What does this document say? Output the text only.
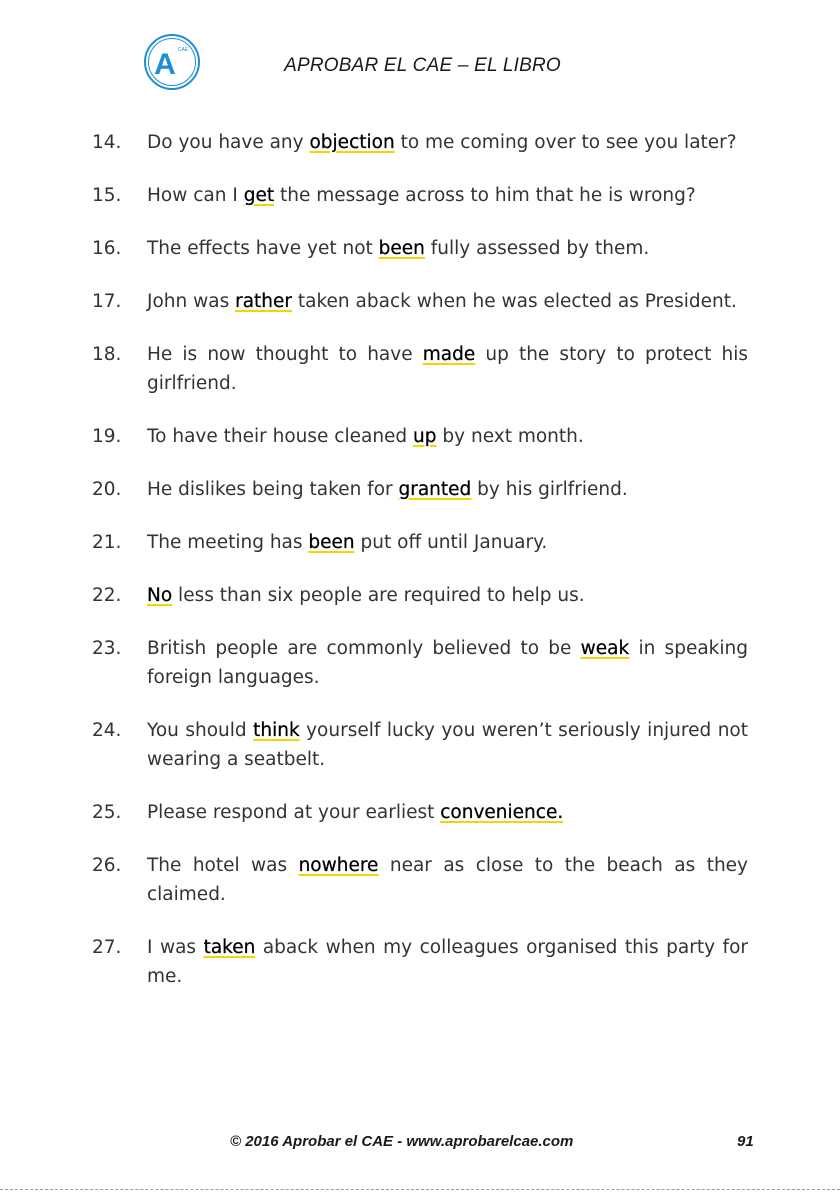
A CAE
APROBAR EL CAE – EL LIBRO
14.	Do you have any objection to me coming over to see you later?
15.	How can I get the message across to him that he is wrong?
16.	The effects have yet not been fully assessed by them.
17.	John was rather taken aback when he was elected as President.
18.	He is now thought to have made up the story to protect his girlfriend.
19.	To have their house cleaned up by next month.
20.	He dislikes being taken for granted by his girlfriend.
21.	The meeting has been put off until January.
22.	No less than six people are required to help us.
23.	British people are commonly believed to be weak in speaking foreign languages.
24.	You should think yourself lucky you weren’t seriously injured not wearing a seatbelt.
25.	Please respond at your earliest convenience.
26.	The hotel was nowhere near as close to the beach as they claimed.
27.	I was taken aback when my colleagues organised this party for me.
© 2016 Aprobar el CAE - www.aprobarelcae.com	91
